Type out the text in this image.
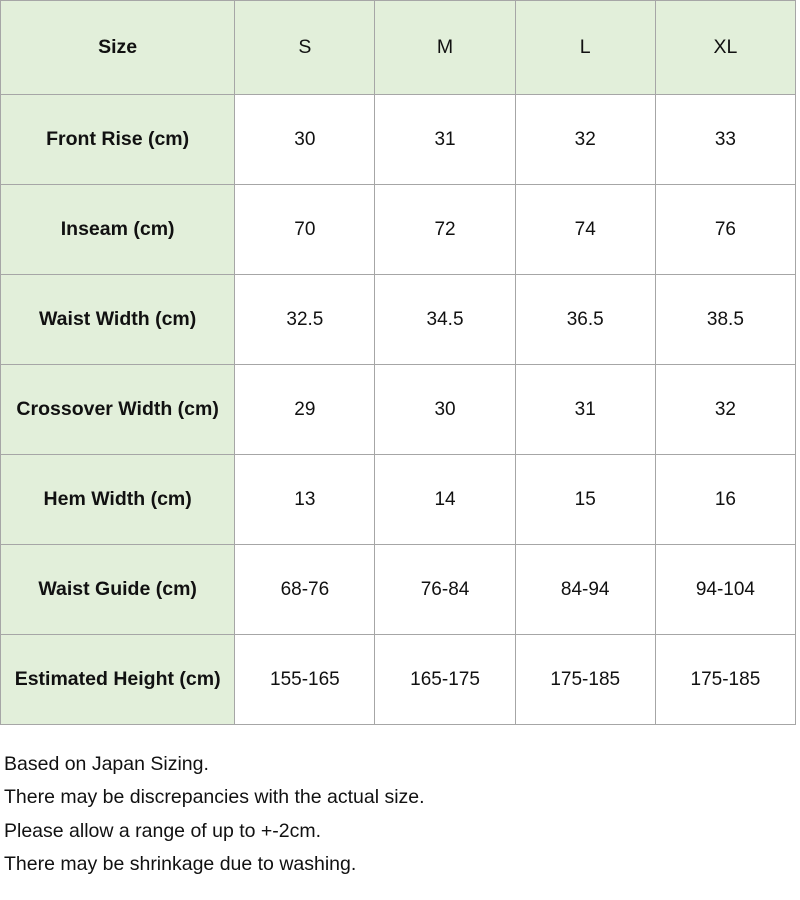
Size	S	M	L	XL
Front Rise (cm)	30	31	32	33
Inseam (cm)	70	72	74	76
Waist Width (cm)	32.5	34.5	36.5	38.5
Crossover Width (cm)	29	30	31	32
Hem Width (cm)	13	14	15	16
Waist Guide (cm)	68-76	76-84	84-94	94-104
Estimated Height (cm)	155-165	165-175	175-185	175-185

Based on Japan Sizing.

There may be discrepancies with the actual size.

Please allow a range of up to +-2cm.

There may be shrinkage due to washing.
